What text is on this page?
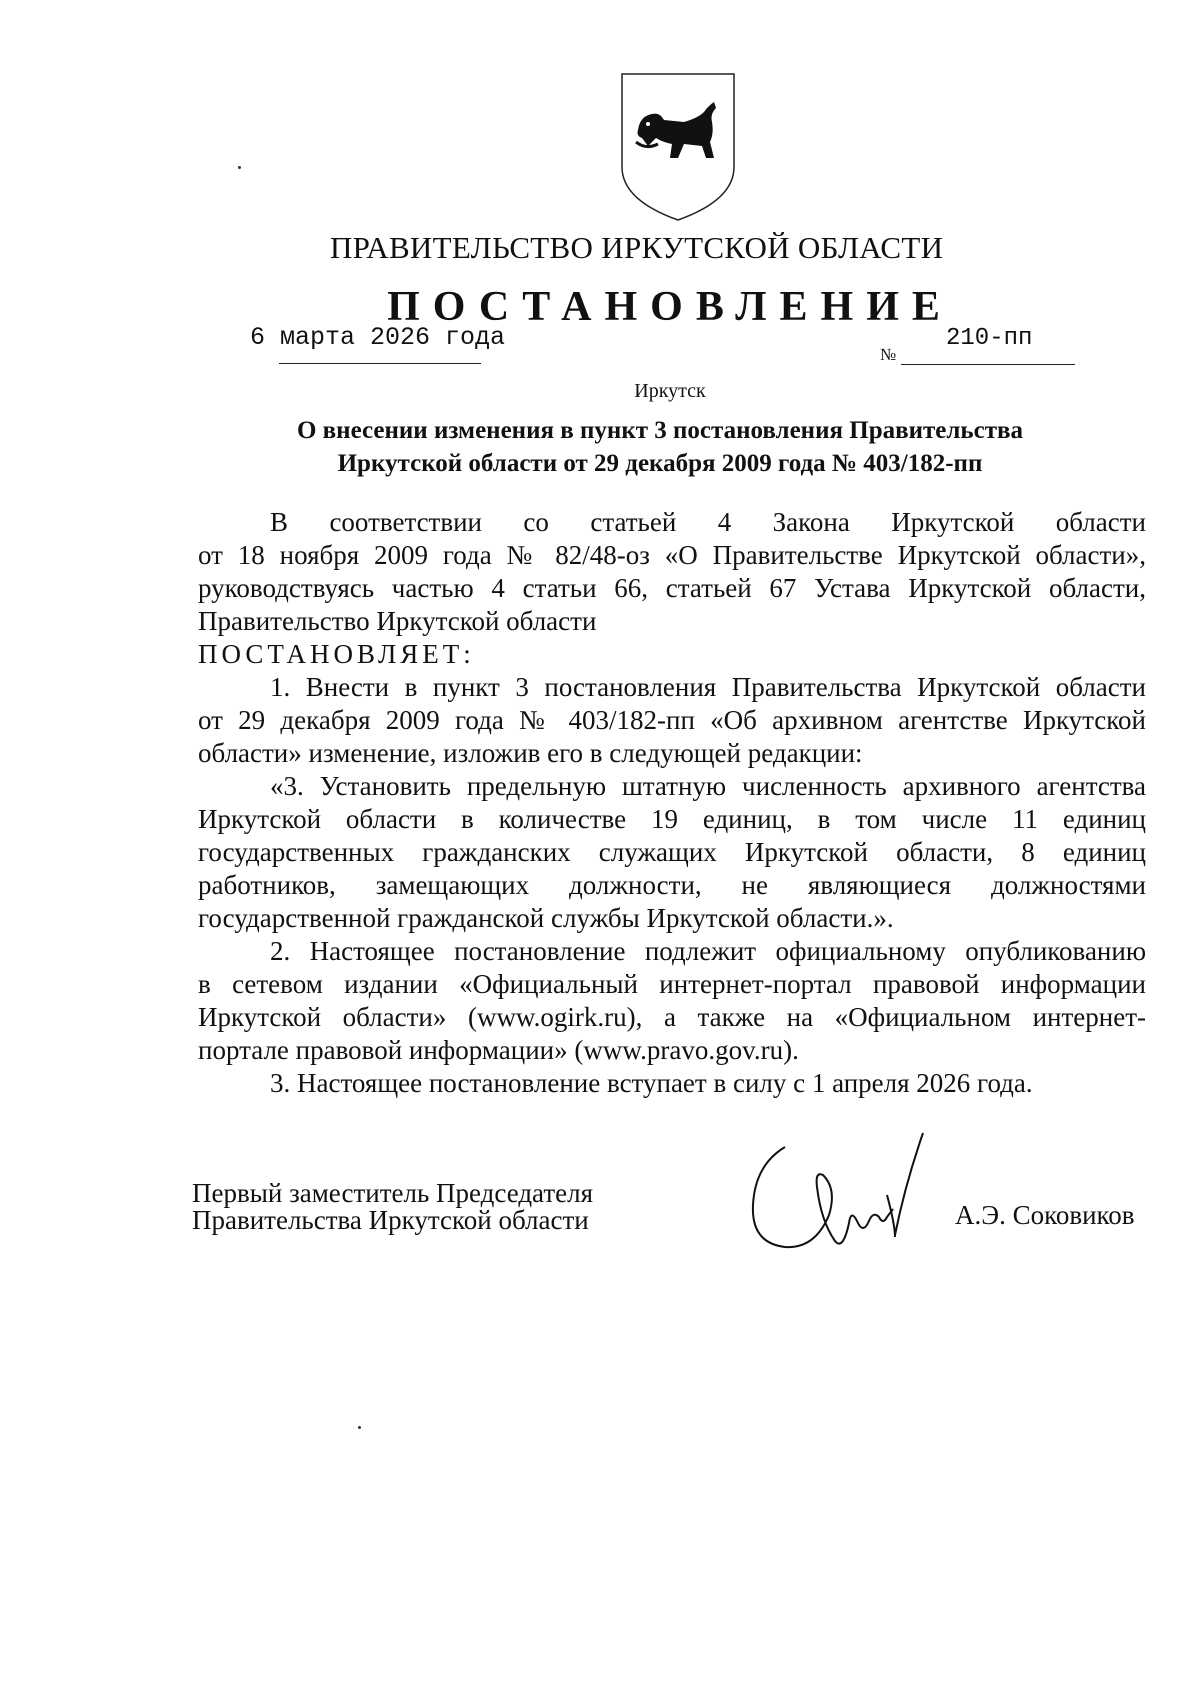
ПРАВИТЕЛЬСТВО ИРКУТСКОЙ ОБЛАСТИ
ПОСТАНОВЛЕНИЕ
6 марта 2026 года
№
210-пп
Иркутск
О внесении изменения в пункт 3 постановления Правительства
Иркутской области от 29 декабря 2009 года № 403/182-пп

В соответствии со статьей 4 Закона Иркутской области

от 18 ноября 2009 года № 82/48-оз «О Правительстве Иркутской области»,

руководствуясь частью 4 статьи 66, статьей 67 Устава Иркутской области,

Правительство Иркутской области

ПОСТАНОВЛЯЕТ:

1. Внести в пункт 3 постановления Правительства Иркутской области

от 29 декабря 2009 года № 403/182-пп «Об архивном агентстве Иркутской

области» изменение, изложив его в следующей редакции:

«3. Установить предельную штатную численность архивного агентства

Иркутской области в количестве 19 единиц, в том числе 11 единиц

государственных гражданских служащих Иркутской области, 8 единиц

работников, замещающих должности, не являющиеся должностями

государственной гражданской службы Иркутской области.».

2. Настоящее постановление подлежит официальному опубликованию

в сетевом издании «Официальный интернет-портал правовой информации

Иркутской области» (www.ogirk.ru), а также на «Официальном интернет-

портале правовой информации» (www.pravo.gov.ru).

3. Настоящее постановление вступает в силу с 1 апреля 2026 года.

Первый заместитель Председателя
Правительства Иркутской области	А.Э. Соковиков
